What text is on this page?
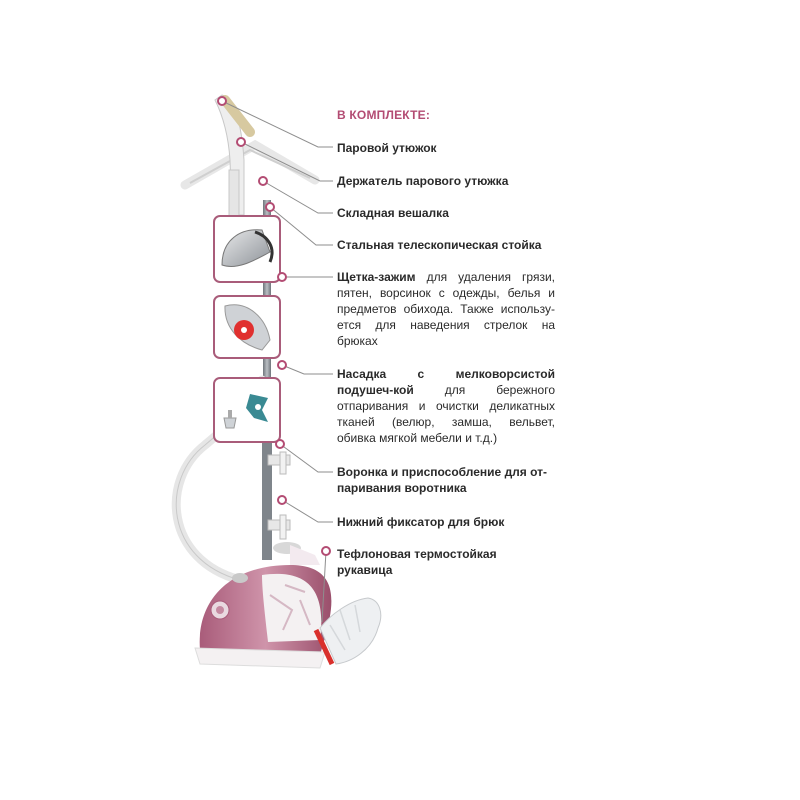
В КОМПЛЕКТЕ:
Паровой утюжок
Держатель парового утюжка
Складная вешалка
Стальная телескопическая стойка
Щетка-зажим для удаления грязи, пятен, ворсинок с одежды, белья и предметов обихода. Также использу-ется для наведения стрелок на брюках
Насадка с мелковорсистой подушеч-кой для бережного отпаривания и очистки деликатных тканей (велюр, замша, вельвет, обивка мягкой мебели и т.д.)
Воронка и приспособление для от-паривания воротника
Нижний фиксатор для брюк
Тефлоновая термостойкая рукавица
